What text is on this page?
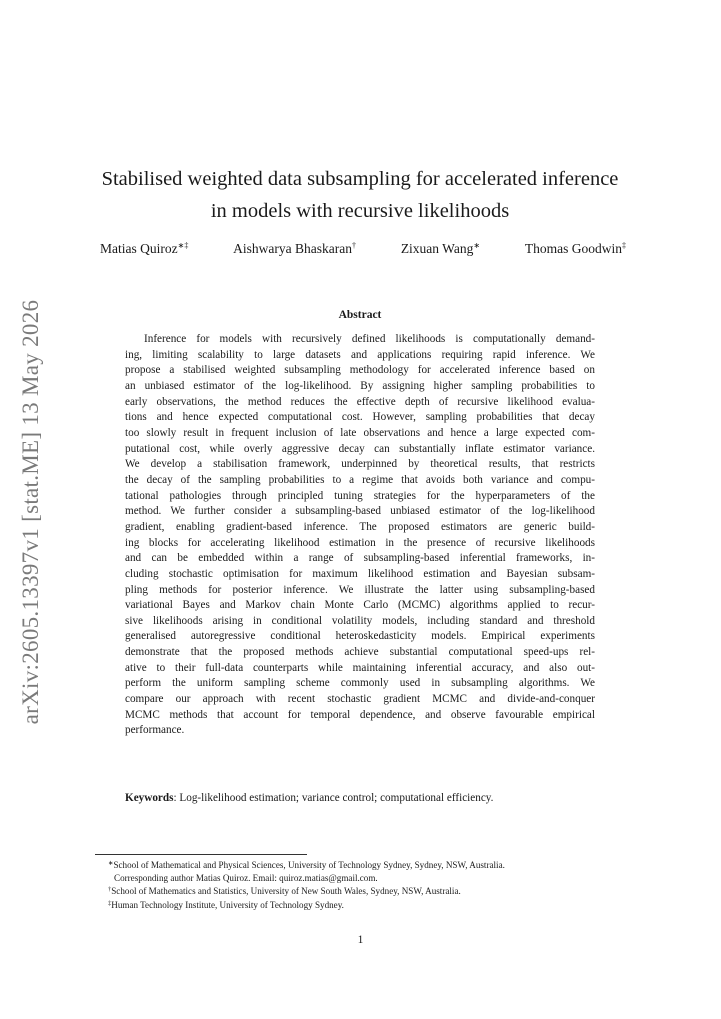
arXiv:2605.13397v1 [stat.ME] 13 May 2026
Stabilised weighted data subsampling for accelerated inference
in models with recursive likelihoods
Matias Quiroz∗‡	Aishwarya Bhaskaran†	Zixuan Wang∗	Thomas Goodwin‡
Abstract
Inference for models with recursively defined likelihoods is computationally demand-
ing, limiting scalability to large datasets and applications requiring rapid inference. We
propose a stabilised weighted subsampling methodology for accelerated inference based on
an unbiased estimator of the log-likelihood. By assigning higher sampling probabilities to
early observations, the method reduces the effective depth of recursive likelihood evalua-
tions and hence expected computational cost. However, sampling probabilities that decay
too slowly result in frequent inclusion of late observations and hence a large expected com-
putational cost, while overly aggressive decay can substantially inflate estimator variance.
We develop a stabilisation framework, underpinned by theoretical results, that restricts
the decay of the sampling probabilities to a regime that avoids both variance and compu-
tational pathologies through principled tuning strategies for the hyperparameters of the
method. We further consider a subsampling-based unbiased estimator of the log-likelihood
gradient, enabling gradient-based inference. The proposed estimators are generic build-
ing blocks for accelerating likelihood estimation in the presence of recursive likelihoods
and can be embedded within a range of subsampling-based inferential frameworks, in-
cluding stochastic optimisation for maximum likelihood estimation and Bayesian subsam-
pling methods for posterior inference. We illustrate the latter using subsampling-based
variational Bayes and Markov chain Monte Carlo (MCMC) algorithms applied to recur-
sive likelihoods arising in conditional volatility models, including standard and threshold
generalised autoregressive conditional heteroskedasticity models. Empirical experiments
demonstrate that the proposed methods achieve substantial computational speed-ups rel-
ative to their full-data counterparts while maintaining inferential accuracy, and also out-
perform the uniform sampling scheme commonly used in subsampling algorithms. We
compare our approach with recent stochastic gradient MCMC and divide-and-conquer
MCMC methods that account for temporal dependence, and observe favourable empirical
performance.
Keywords: Log-likelihood estimation; variance control; computational efficiency.
∗School of Mathematical and Physical Sciences, University of Technology Sydney, Sydney, NSW, Australia.
Corresponding author Matias Quiroz. Email: quiroz.matias@gmail.com.
†School of Mathematics and Statistics, University of New South Wales, Sydney, NSW, Australia.
‡Human Technology Institute, University of Technology Sydney.
1
